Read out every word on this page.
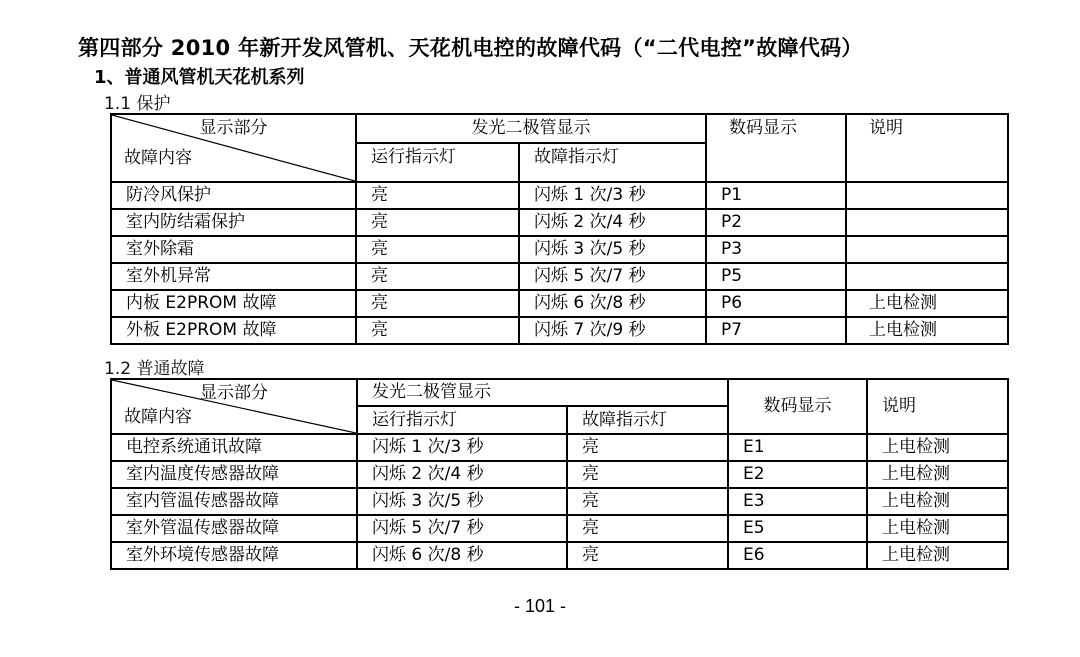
第四部分 2010 年新开发风管机、天花机电控的故障代码（“二代电控”故障代码）
1、普通风管机天花机系列
1.1 保护
显示部分
故障内容	发光二极管显示		数码显示	说明
	运行指示灯	故障指示灯		
防冷风保护	亮	闪烁 1 次/3 秒	P1	
室内防结霜保护	亮	闪烁 2 次/4 秒	P2	
室外除霜	亮	闪烁 3 次/5 秒	P3	
室外机异常	亮	闪烁 5 次/7 秒	P5	
内板 E2PROM 故障	亮	闪烁 6 次/8 秒	P6	上电检测
外板 E2PROM 故障	亮	闪烁 7 次/9 秒	P7	上电检测
1.2 普通故障
显示部分
故障内容	发光二极管显示		数码显示	说明
	运行指示灯	故障指示灯		
电控系统通讯故障	闪烁 1 次/3 秒	亮	E1	上电检测
室内温度传感器故障	闪烁 2 次/4 秒	亮	E2	上电检测
室内管温传感器故障	闪烁 3 次/5 秒	亮	E3	上电检测
室外管温传感器故障	闪烁 5 次/7 秒	亮	E5	上电检测
室外环境传感器故障	闪烁 6 次/8 秒	亮	E6	上电检测
- 101 -
